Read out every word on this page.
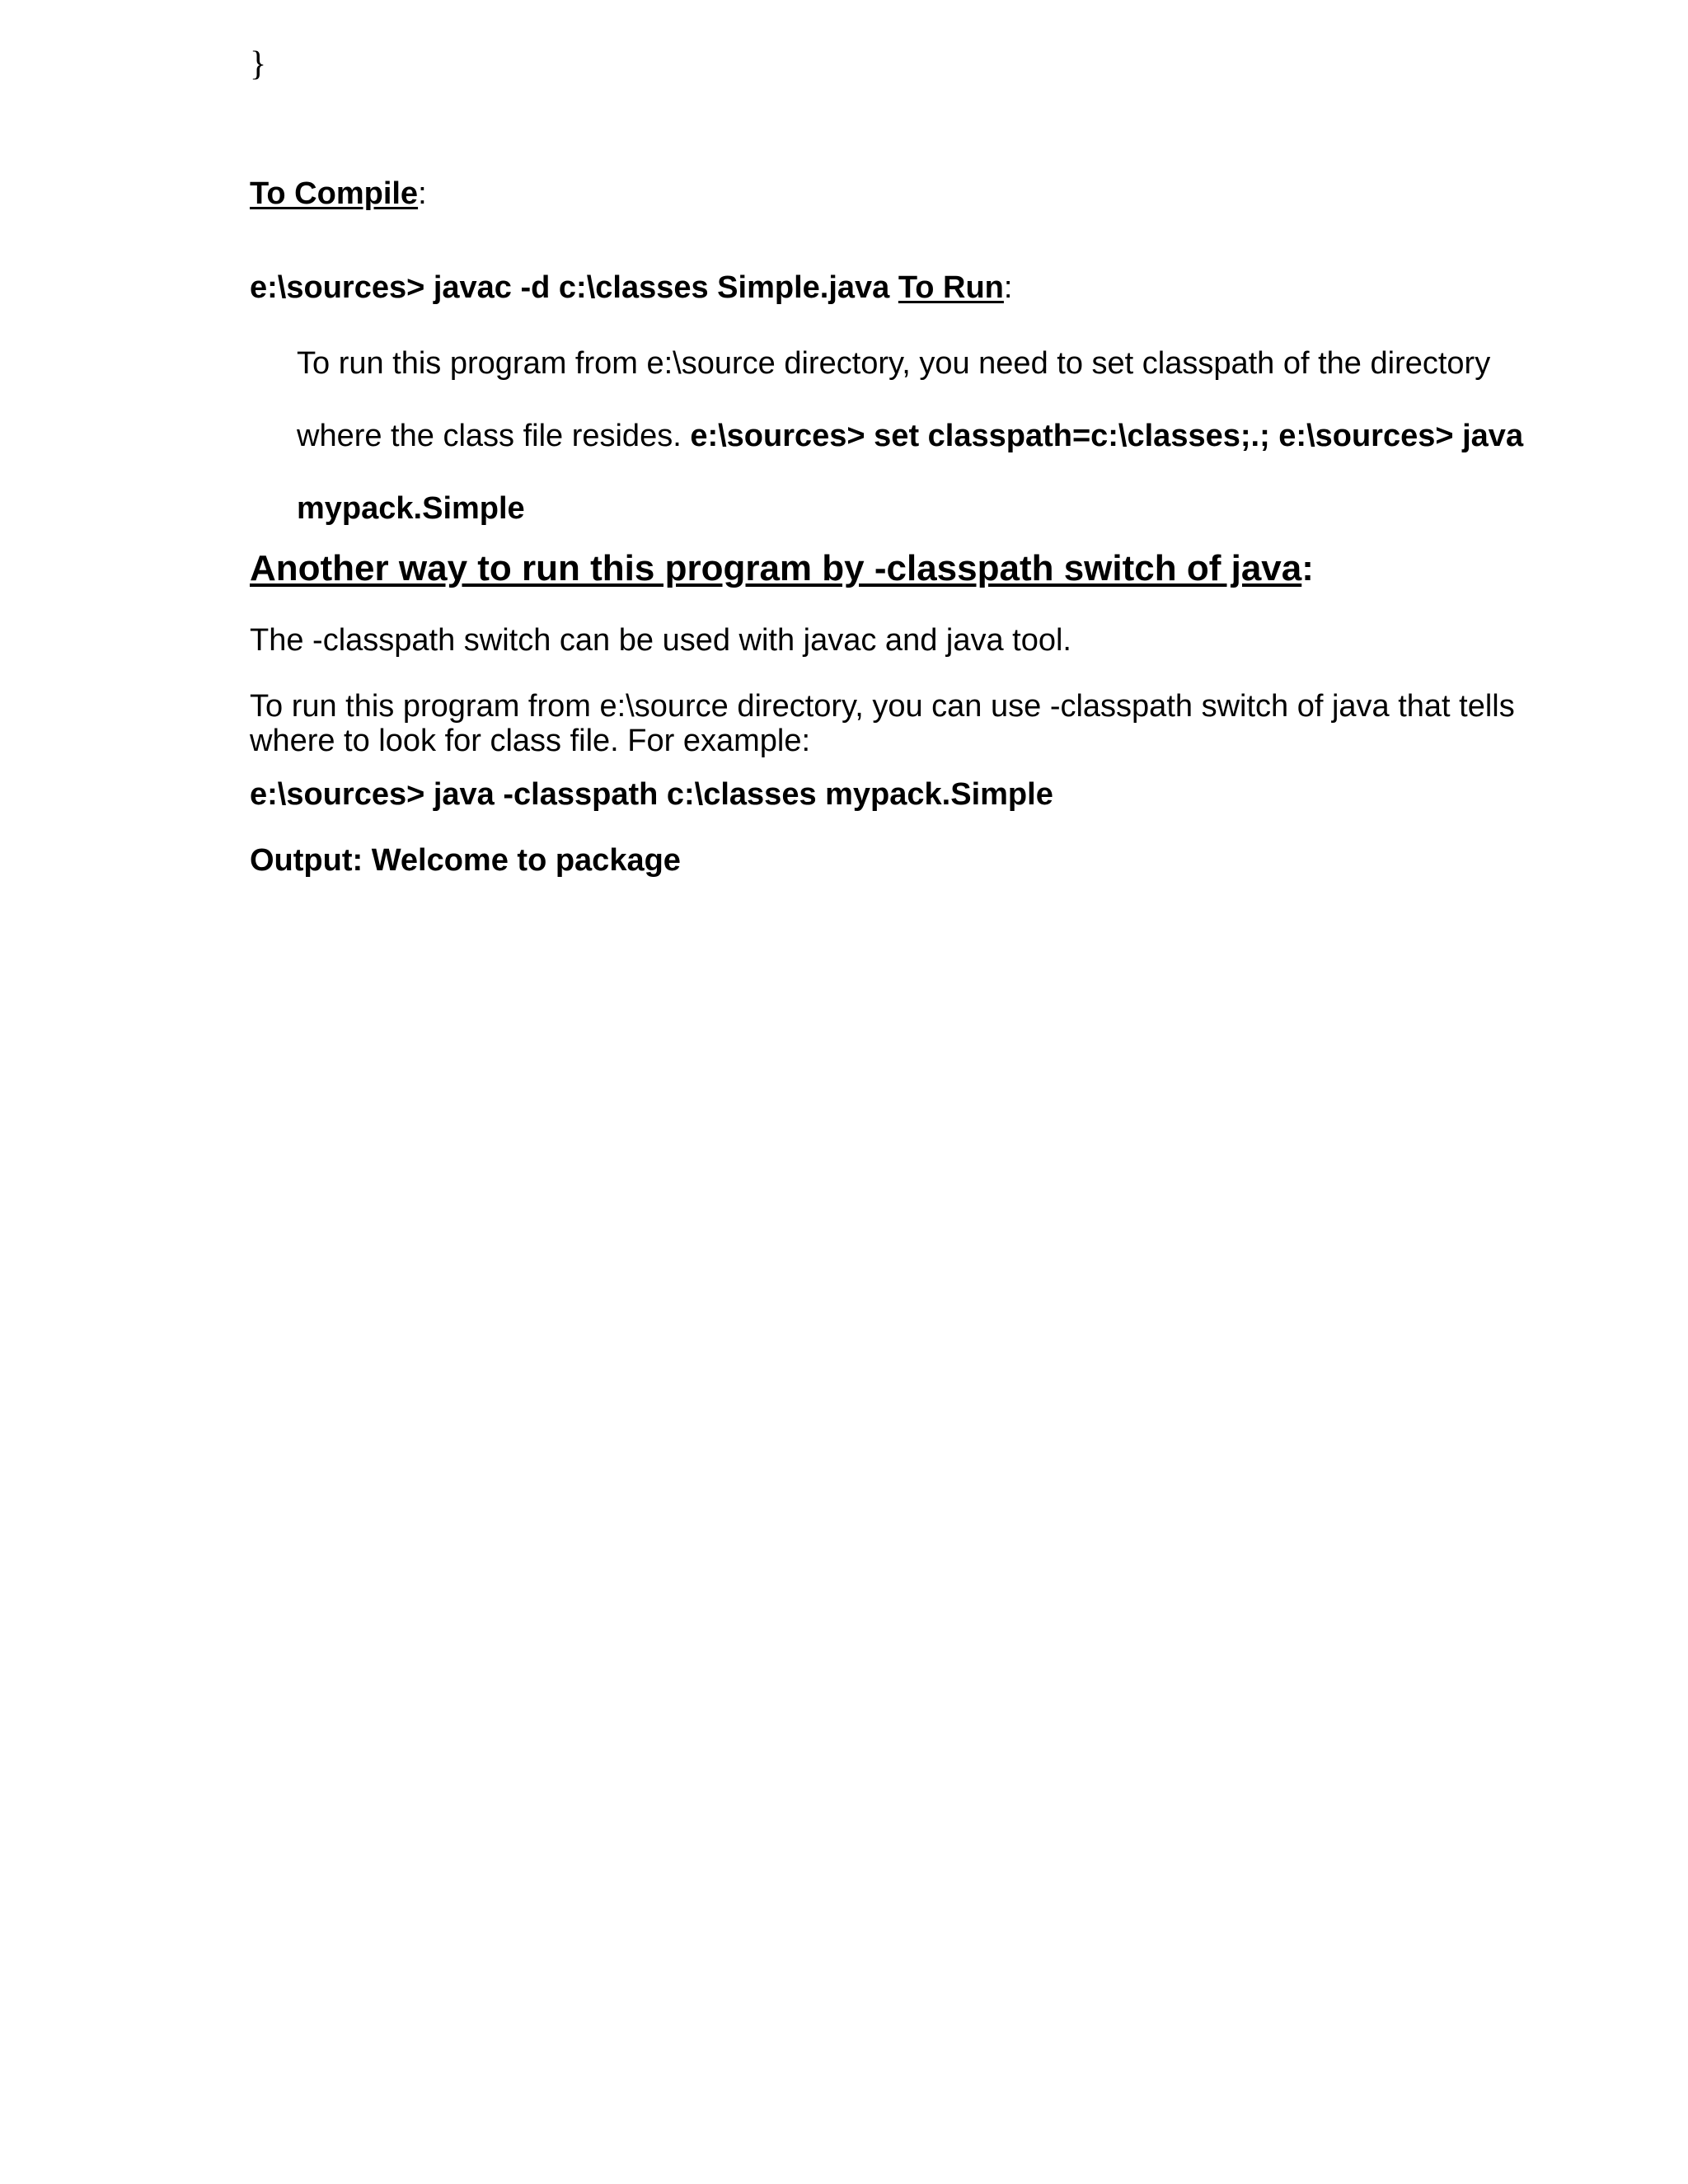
}
To Compile:
e:\sources> javac -d c:\classes Simple.java To Run:
To run this program from e:\source directory, you need to set classpath of the directory
where the class file resides. e:\sources> set classpath=c:\classes;.; e:\sources> java
mypack.Simple
Another way to run this program by -classpath switch of java:
The -classpath switch can be used with javac and java tool.
To run this program from e:\source directory, you can use -classpath switch of java that tells
where to look for class file. For example:
e:\sources> java -classpath c:\classes mypack.Simple
Output: Welcome to package
